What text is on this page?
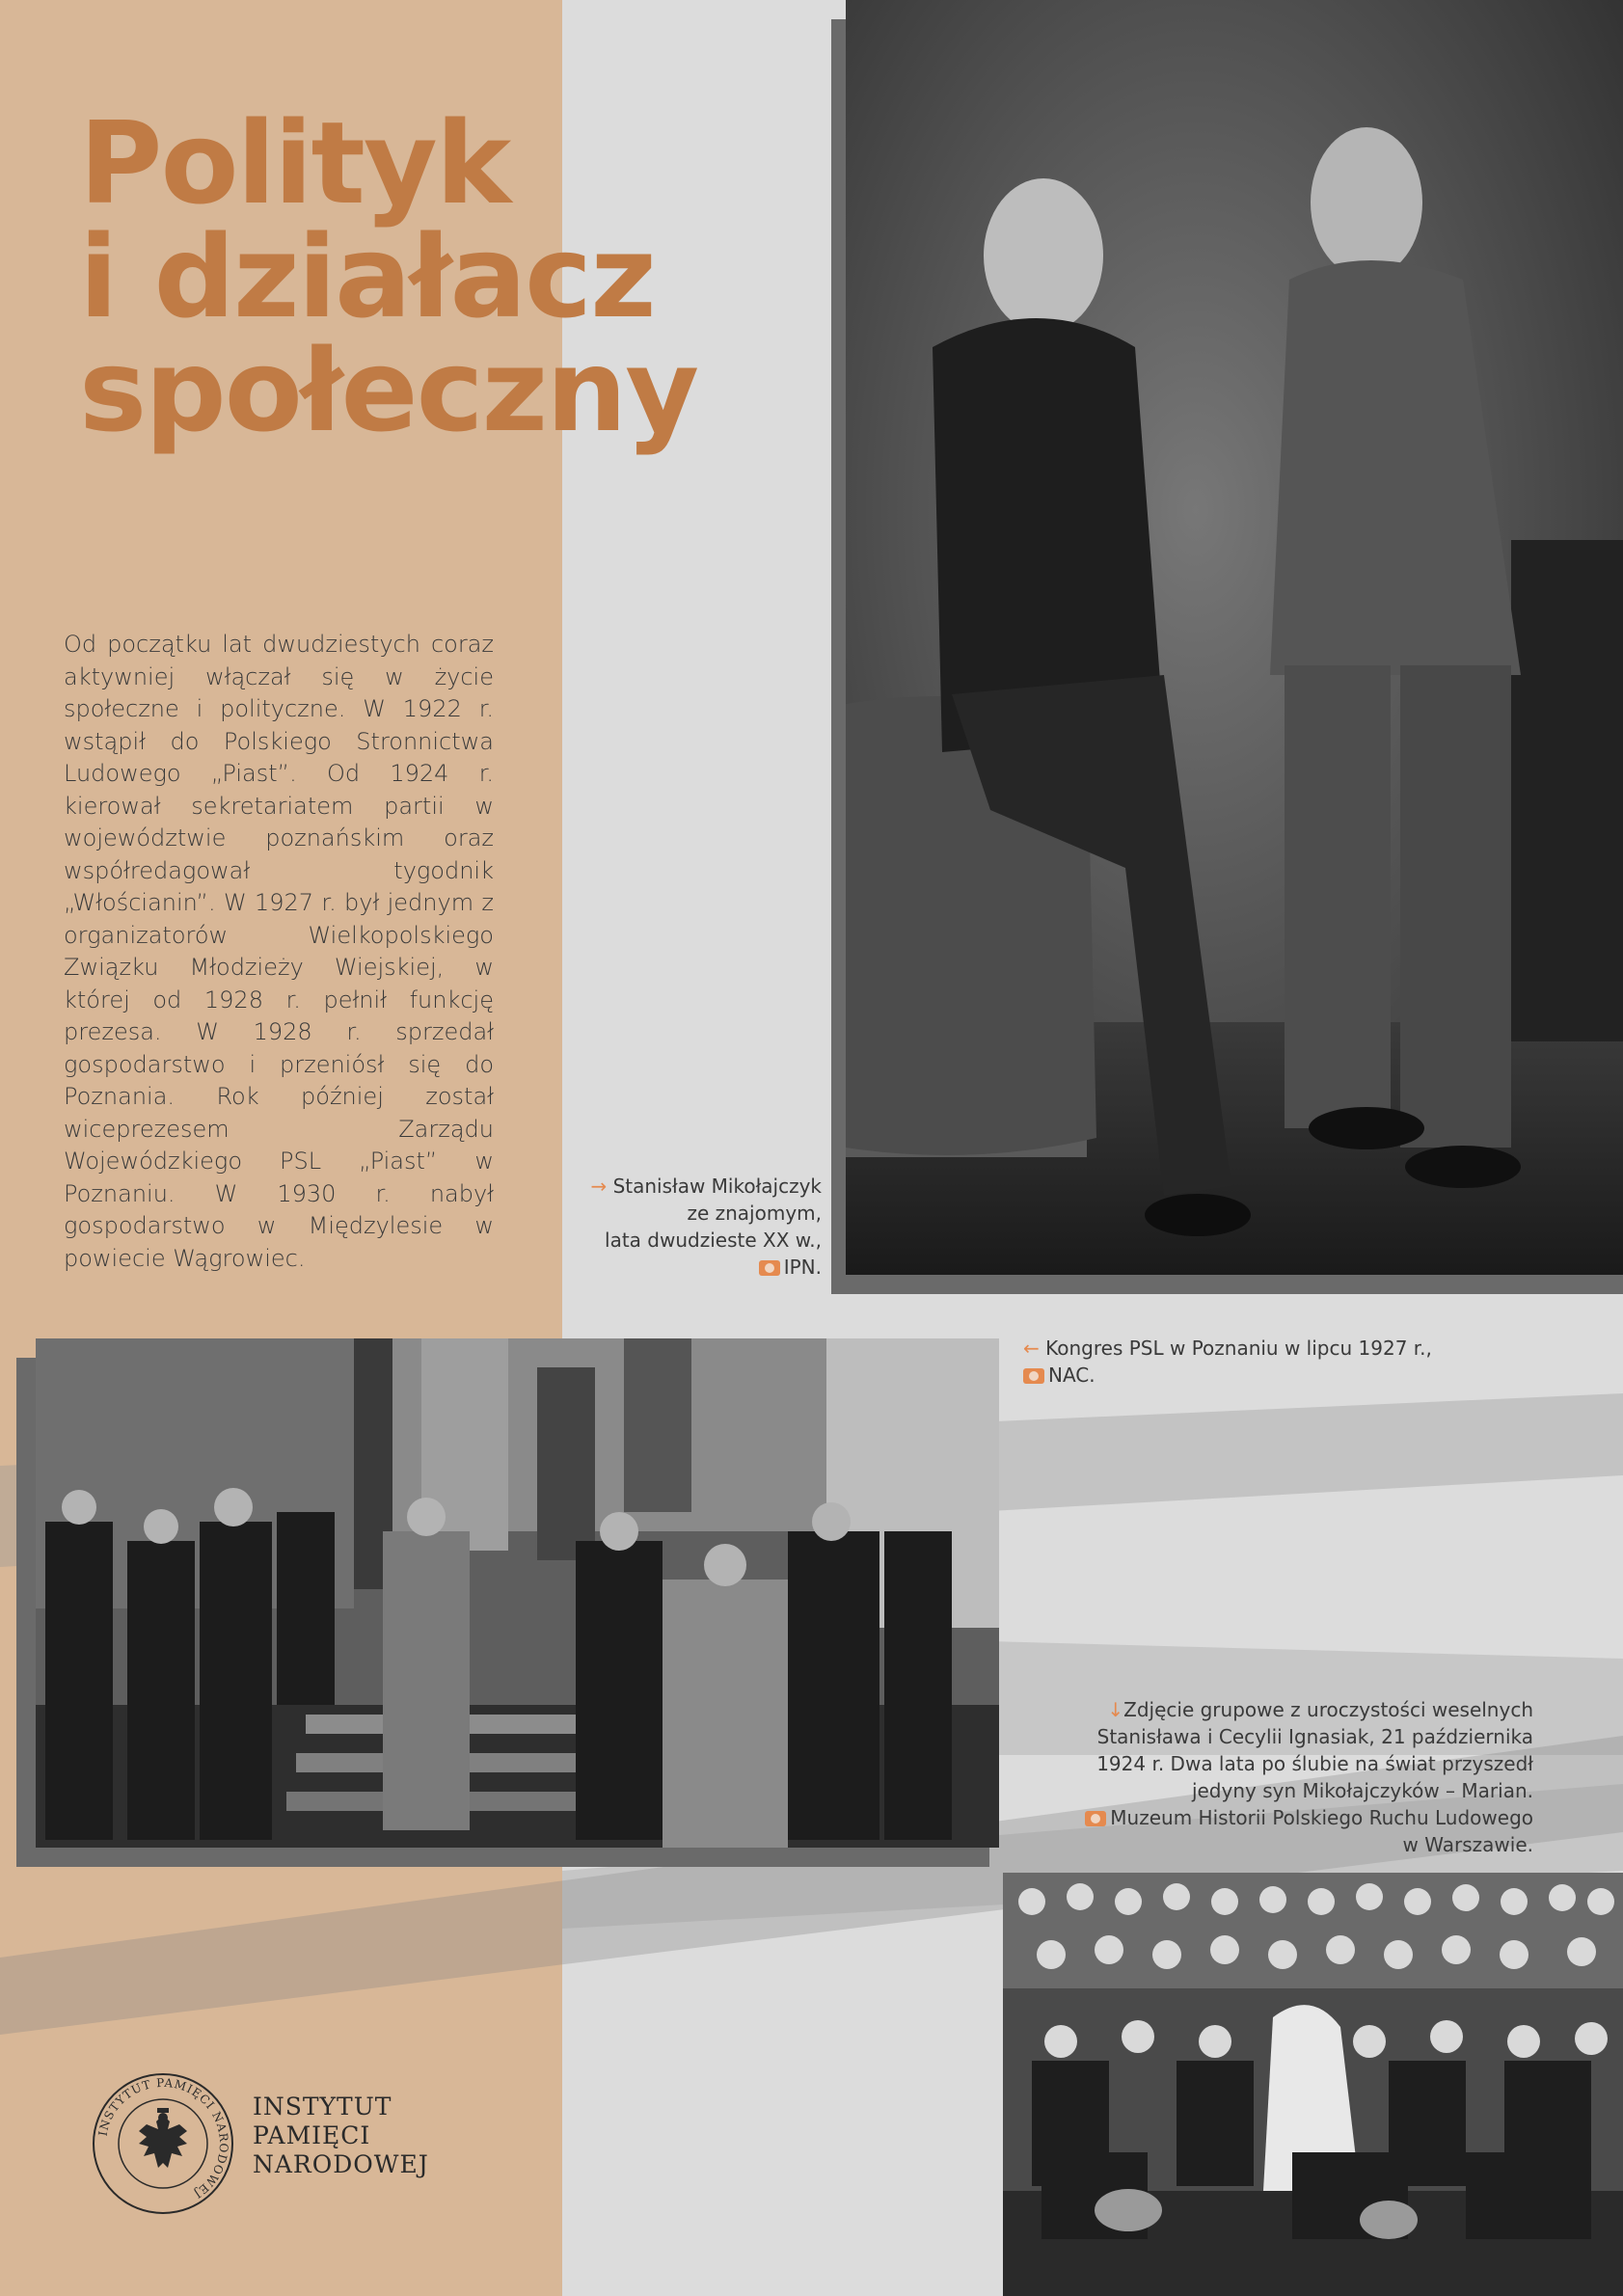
Polityk
i działacz
społeczny
Od początku lat dwudziestych coraz aktywniej włączał się w życie społeczne i polityczne. W 1922 r. wstąpił do Polskiego Stronnictwa Ludowego „Piast”. Od 1924 r. kierował sekretariatem partii w województwie poznańskim oraz współredagował tygodnik „Włościanin”. W 1927 r. był jednym z organizatorów Wielkopolskiego Związku Młodzieży Wiejskiej, w której od 1928 r. pełnił funkcję prezesa. W 1928 r. sprzedał gospodarstwo i przeniósł się do Poznania. Rok później został wiceprezesem Zarządu Wojewódzkiego PSL „Piast” w Poznaniu. W 1930 r. nabył gospodarstwo w Międzylesie w powiecie Wągrowiec.
→ Stanisław Mikołajczyk
ze znajomym,
lata dwudzieste XX w.,
IPN.
← Kongres PSL w Poznaniu w lipcu 1927 r.,
NAC.
↓Zdjęcie grupowe z uroczystości weselnych
Stanisława i Cecylii Ignasiak, 21 października
1924 r. Dwa lata po ślubie na świat przyszedł
jedyny syn Mikołajczyków – Marian.
Muzeum Historii Polskiego Ruchu Ludowego
w Warszawie.
INSTYTUT PAMIĘCI NARODOWEJ
INSTYTUT
PAMIĘCI
NARODOWEJ
